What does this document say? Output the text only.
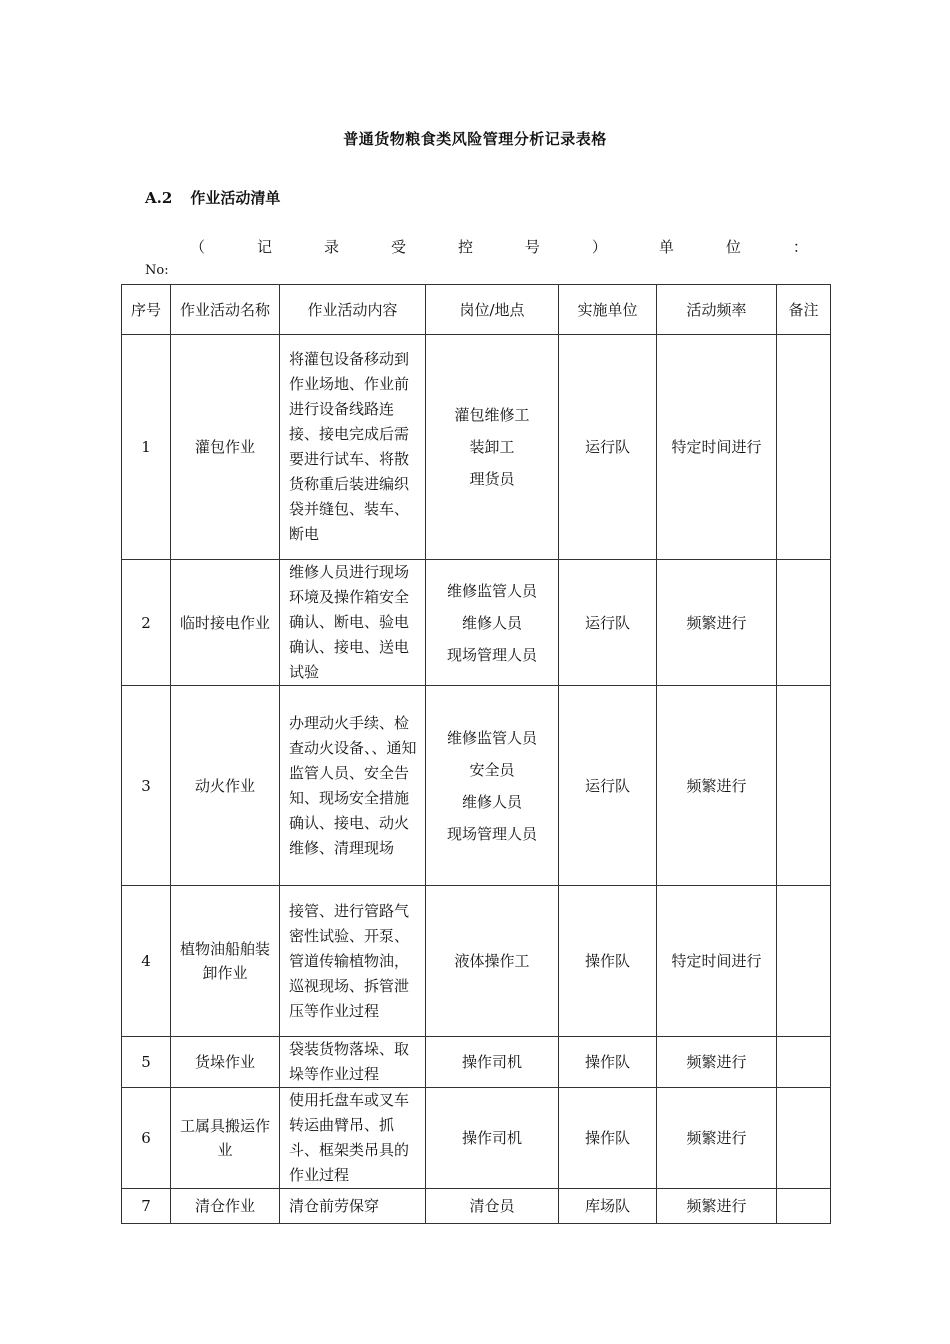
普通货物粮食类风险管理分析记录表格
A.2 作业活动清单
（	记	录	受	控	号	）	单	位	：
No:
序号	作业活动名称	作业活动内容	岗位/地点	实施单位	活动频率	备注
1	灌包作业	将灌包设备移动到作业场地、作业前进行设备线路连接、接电完成后需要进行试车、将散货称重后装进编织袋并缝包、装车、断电	灌包维修工
装卸工
理货员	运行队	特定时间进行	
2	临时接电作业	维修人员进行现场环境及操作箱安全确认、断电、验电确认、接电、送电试验	维修监管人员
维修人员
现场管理人员	运行队	频繁进行	
3	动火作业	办理动火手续、检查动火设备、、通知监管人员、安全告知、现场安全措施确认、接电、动火维修、清理现场	维修监管人员
安全员
维修人员
现场管理人员	运行队	频繁进行	
4	植物油船舶装卸作业	接管、进行管路气密性试验、开泵、管道传输植物油，巡视现场、拆管泄压等作业过程	液体操作工	操作队	特定时间进行	
5	货垛作业	袋装货物落垛、取垛等作业过程	操作司机	操作队	频繁进行	
6	工属具搬运作业	使用托盘车或叉车转运曲臂吊、抓斗、框架类吊具的作业过程	操作司机	操作队	频繁进行	
7	清仓作业	清仓前劳保穿	清仓员	库场队	频繁进行	
